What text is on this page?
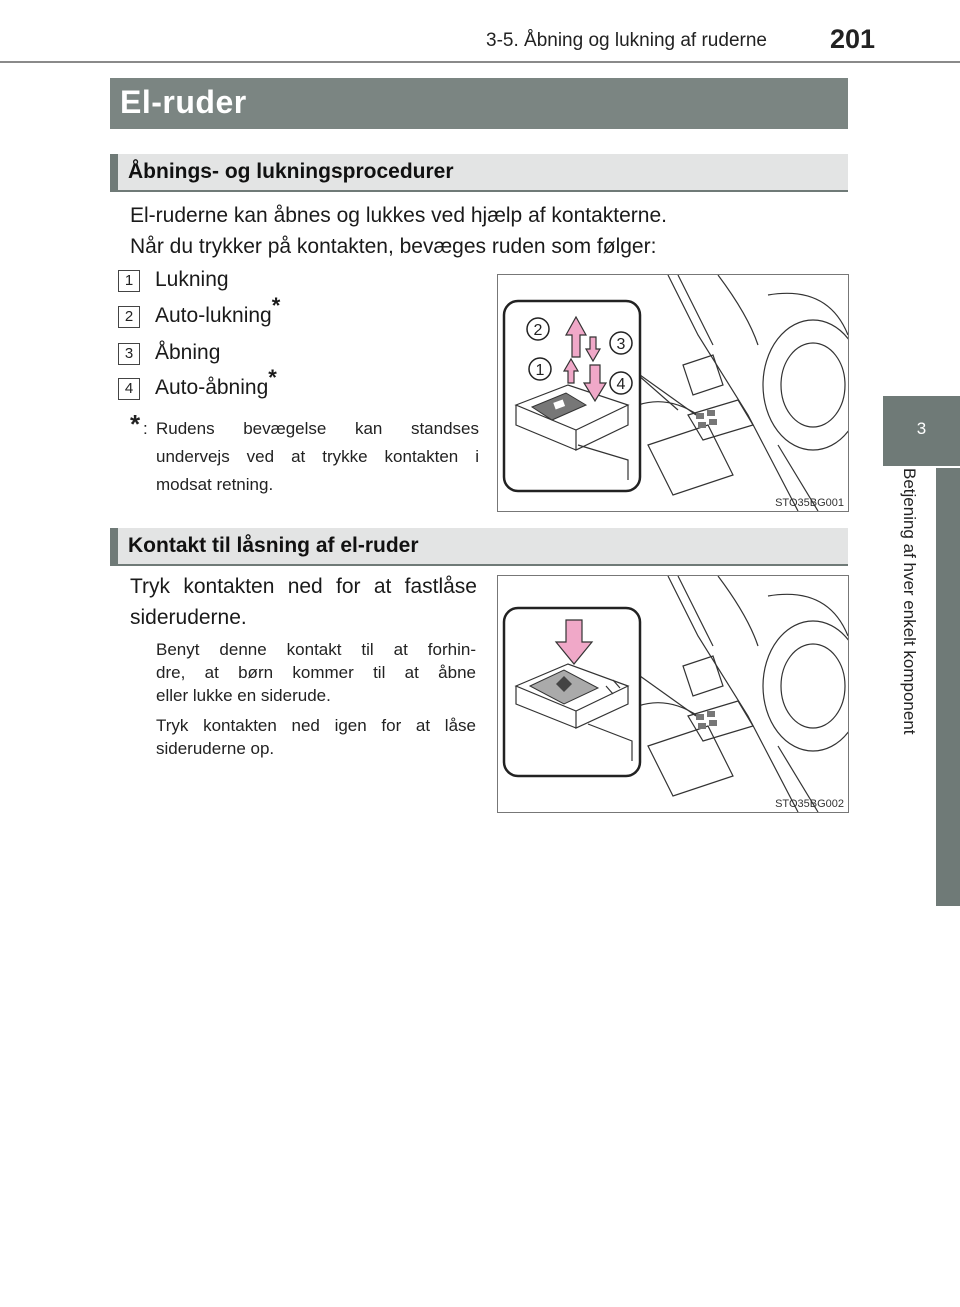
3-5. Åbning og lukning af ruderne 201
3
Betjening af hver enkelt komponent
El-ruder
Åbnings- og lukningsprocedurer
El-ruderne kan åbnes og lukkes ved hjælp af kontakterne.
Når du trykker på kontakten, bevæges ruden som følger:
1	Lukning
2	Auto-lukning*
3	Åbning
4	Auto-åbning*
* : Rudens bevægelse kan standses
undervejs ved at trykke kontakten i
modsat retning.
2
3
1
4
STO35BG001
Kontakt til låsning af el-ruder
Tryk kontakten ned for at fastlåse
sideruderne.
Benyt denne kontakt til at forhin-
dre, at børn kommer til at åbne
eller lukke en siderude.
Tryk kontakten ned igen for at låse
sideruderne op.
STO35BG002
